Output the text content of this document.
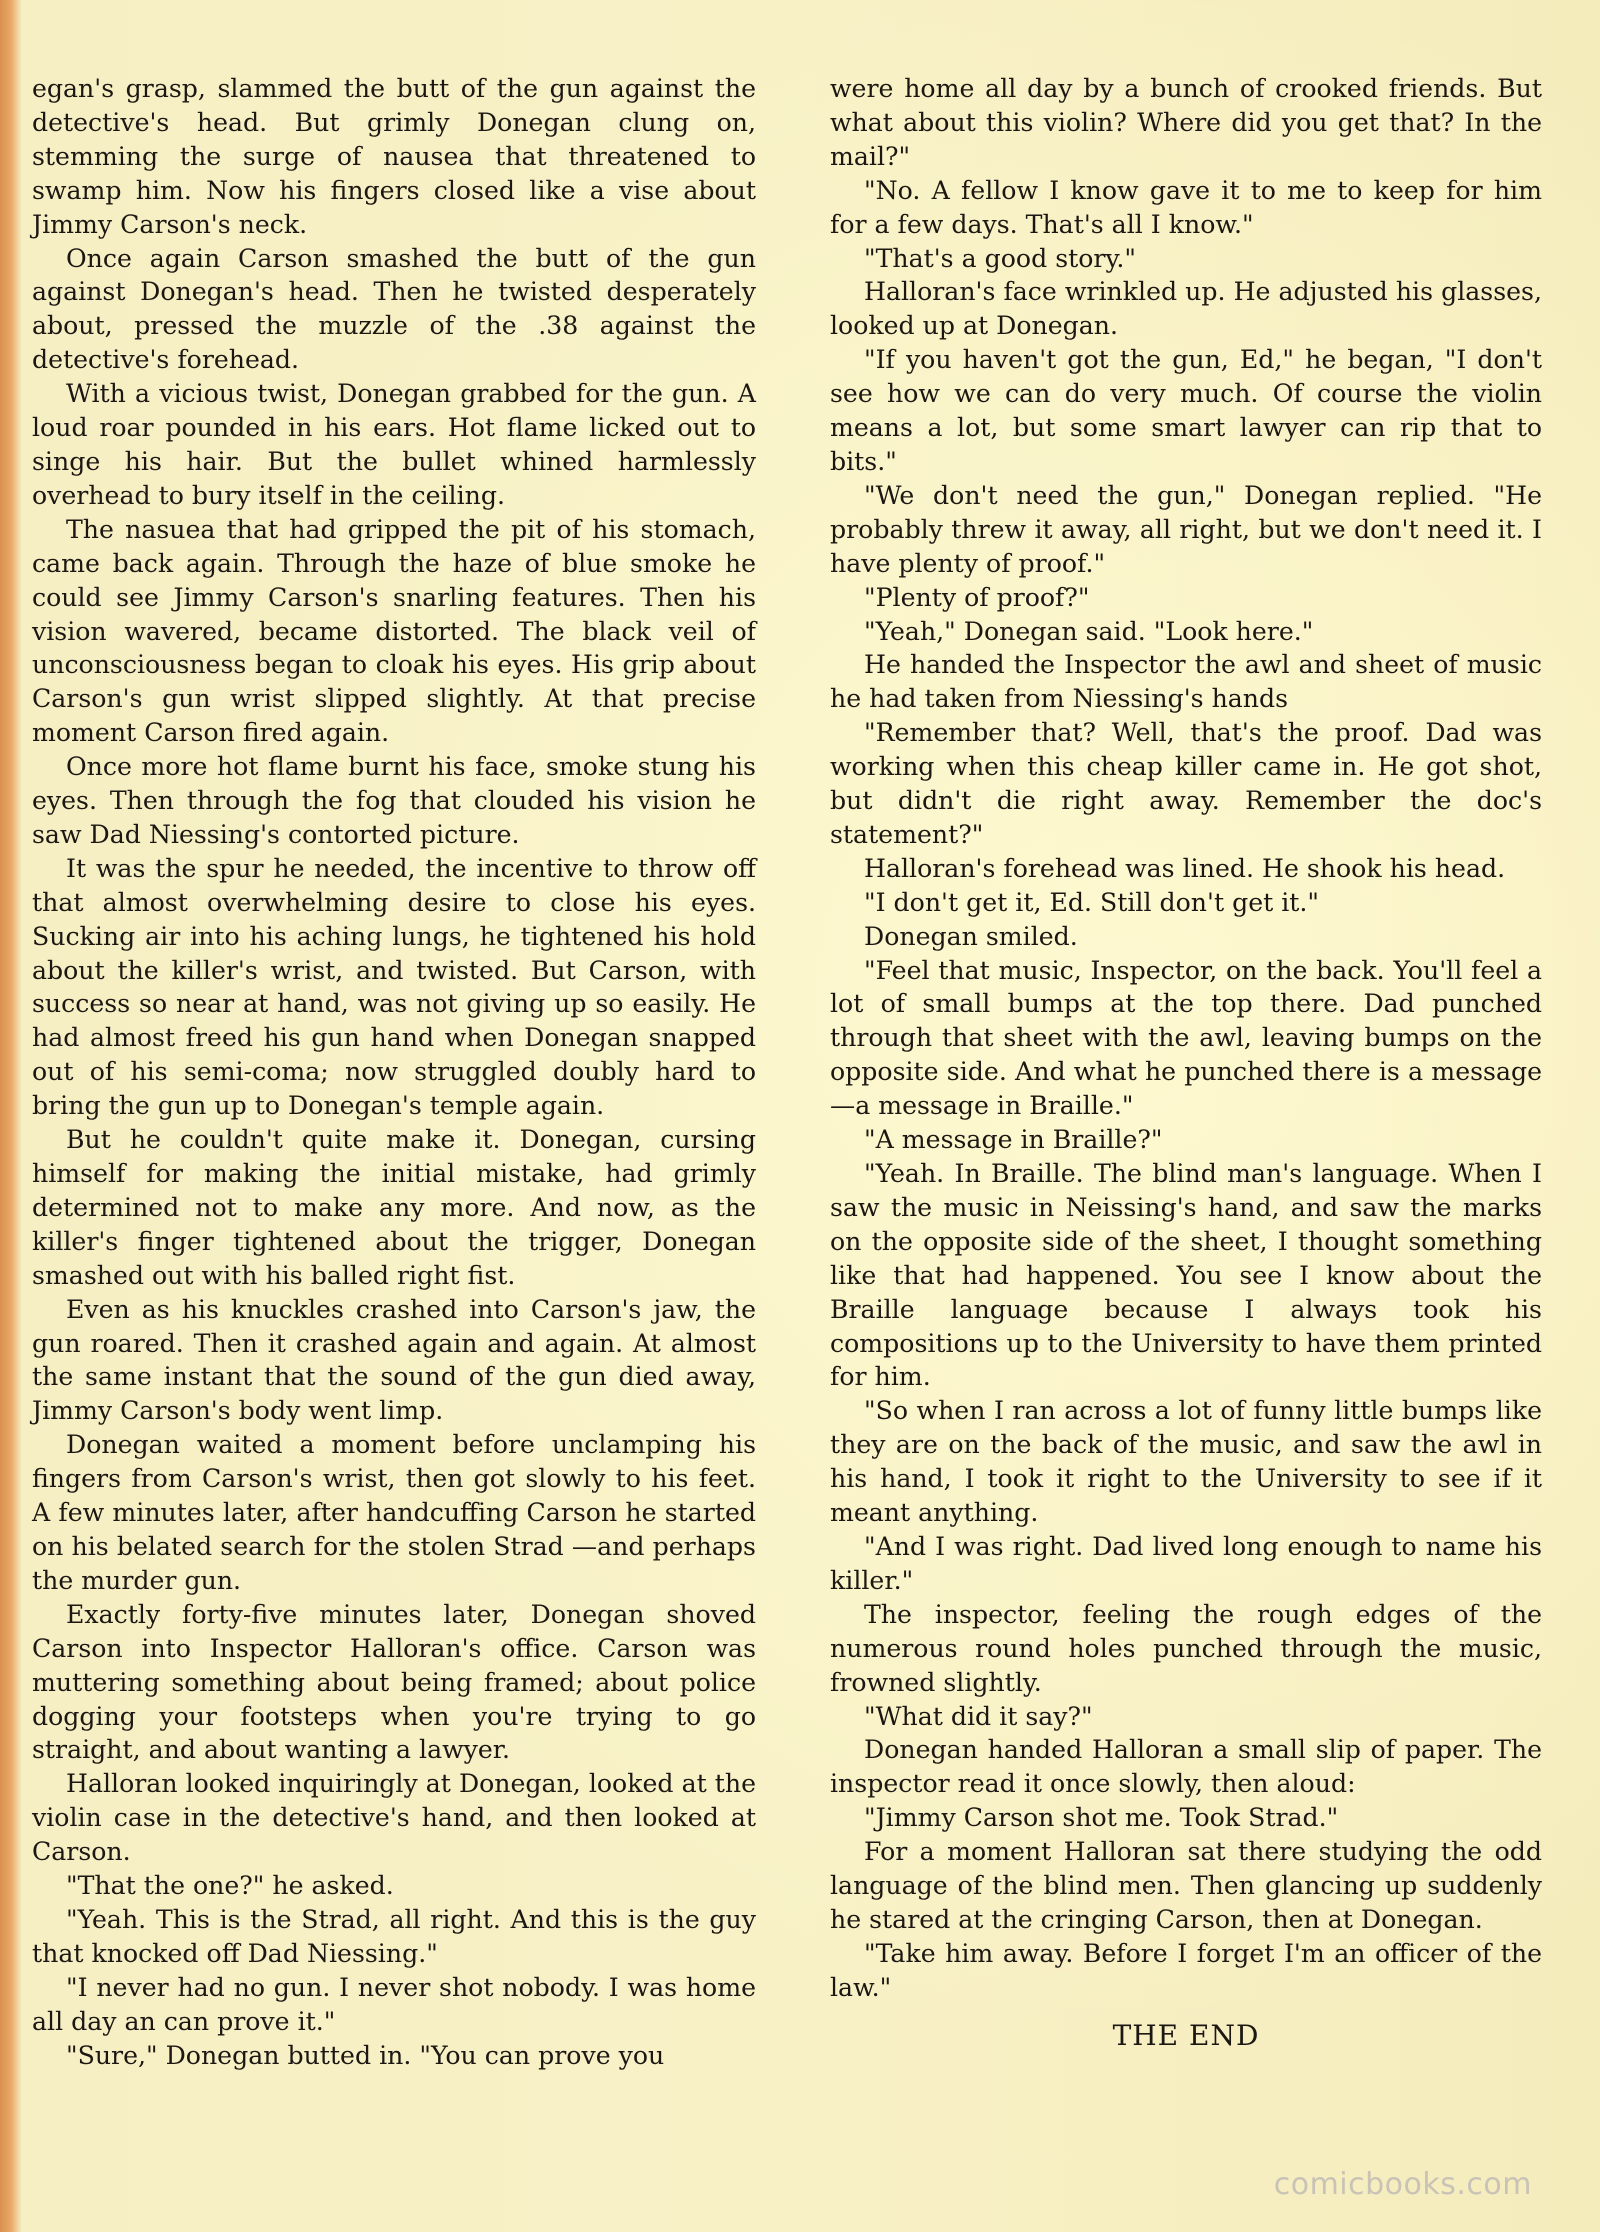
egan's grasp, slammed the butt of the gun against the detective's head. But grimly Donegan clung on, stemming the surge of nausea that threatened to swamp him. Now his fingers closed like a vise about Jimmy Carson's neck.

Once again Carson smashed the butt of the gun against Donegan's head. Then he twisted desperately about, pressed the muzzle of the .38 against the detective's forehead.

With a vicious twist, Donegan grabbed for the gun. A loud roar pounded in his ears. Hot flame licked out to singe his hair. But the bullet whined harmlessly overhead to bury itself in the ceiling.

The nasuea that had gripped the pit of his stomach, came back again. Through the haze of blue smoke he could see Jimmy Carson's snarling features. Then his vision wavered, became distorted. The black veil of unconsciousness began to cloak his eyes. His grip about Carson's gun wrist slipped slightly. At that precise moment Carson fired again.

Once more hot flame burnt his face, smoke stung his eyes. Then through the fog that clouded his vision he saw Dad Niessing's contorted picture.

It was the spur he needed, the incentive to throw off that almost overwhelming desire to close his eyes. Sucking air into his aching lungs, he tightened his hold about the killer's wrist, and twisted. But Carson, with success so near at hand, was not giving up so easily. He had almost freed his gun hand when Donegan snapped out of his semi-coma; now struggled doubly hard to bring the gun up to Donegan's temple again.

But he couldn't quite make it. Donegan, cursing himself for making the initial mistake, had grimly determined not to make any more. And now, as the killer's finger tightened about the trigger, Donegan smashed out with his balled right fist.

Even as his knuckles crashed into Carson's jaw, the gun roared. Then it crashed again and again. At almost the same instant that the sound of the gun died away, Jimmy Carson's body went limp.

Donegan waited a moment before unclamping his fingers from Carson's wrist, then got slowly to his feet. A few minutes later, after handcuffing Carson he started on his belated search for the stolen Strad —and perhaps the murder gun.

Exactly forty-five minutes later, Donegan shoved Carson into Inspector Halloran's office. Carson was muttering something about being framed; about police dogging your footsteps when you're trying to go straight, and about wanting a lawyer.

Halloran looked inquiringly at Donegan, looked at the violin case in the detective's hand, and then looked at Carson.

"That the one?" he asked.

"Yeah. This is the Strad, all right. And this is the guy that knocked off Dad Niessing."

"I never had no gun. I never shot nobody. I was home all day an can prove it."

"Sure," Donegan butted in. "You can prove you

were home all day by a bunch of crooked friends. But what about this violin? Where did you get that? In the mail?"

"No. A fellow I know gave it to me to keep for him for a few days. That's all I know."

"That's a good story."

Halloran's face wrinkled up. He adjusted his glasses, looked up at Donegan.

"If you haven't got the gun, Ed," he began, "I don't see how we can do very much. Of course the violin means a lot, but some smart lawyer can rip that to bits."

"We don't need the gun," Donegan replied. "He probably threw it away, all right, but we don't need it. I have plenty of proof."

"Plenty of proof?"

"Yeah," Donegan said. "Look here."

He handed the Inspector the awl and sheet of music he had taken from Niessing's hands

"Remember that? Well, that's the proof. Dad was working when this cheap killer came in. He got shot, but didn't die right away. Remember the doc's statement?"

Halloran's forehead was lined. He shook his head.

"I don't get it, Ed. Still don't get it."

Donegan smiled.

"Feel that music, Inspector, on the back. You'll feel a lot of small bumps at the top there. Dad punched through that sheet with the awl, leaving bumps on the opposite side. And what he punched there is a message—a message in Braille."

"A message in Braille?"

"Yeah. In Braille. The blind man's language. When I saw the music in Neissing's hand, and saw the marks on the opposite side of the sheet, I thought something like that had happened. You see I know about the Braille language because I always took his compositions up to the University to have them printed for him.

"So when I ran across a lot of funny little bumps like they are on the back of the music, and saw the awl in his hand, I took it right to the University to see if it meant anything.

"And I was right. Dad lived long enough to name his killer."

The inspector, feeling the rough edges of the numerous round holes punched through the music, frowned slightly.

"What did it say?"

Donegan handed Halloran a small slip of paper. The inspector read it once slowly, then aloud:

"Jimmy Carson shot me. Took Strad."

For a moment Halloran sat there studying the odd language of the blind men. Then glancing up suddenly he stared at the cringing Carson, then at Donegan.

"Take him away. Before I forget I'm an officer of the law."

THE END

comicbooks.com
